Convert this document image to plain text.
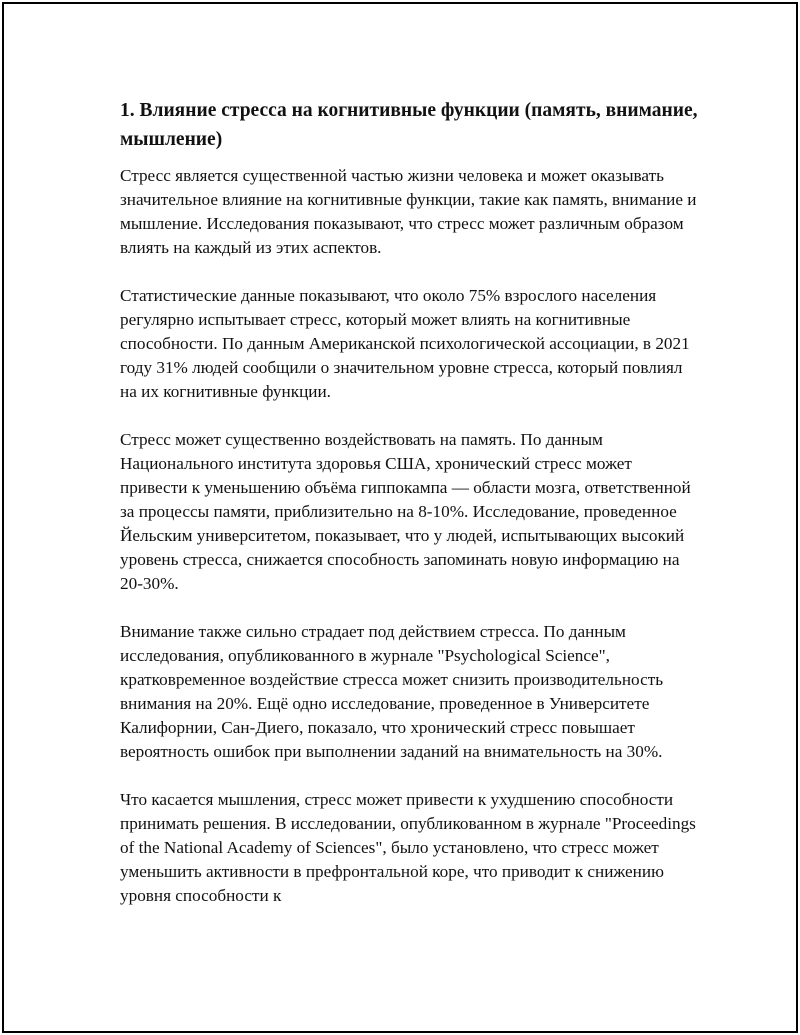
1. Влияние стресса на когнитивные функции (память, внимание, мышление)

Стресс является существенной частью жизни человека и может оказывать значительное влияние на когнитивные функции, такие как память, внимание и мышление. Исследования показывают, что стресс может различным образом влиять на каждый из этих аспектов.

Статистические данные показывают, что около 75% взрослого населения регулярно испытывает стресс, который может влиять на когнитивные способности. По данным Американской психологической ассоциации, в 2021 году 31% людей сообщили о значительном уровне стресса, который повлиял на их когнитивные функции.

Стресс может существенно воздействовать на память. По данным Национального института здоровья США, хронический стресс может привести к уменьшению объёма гиппокампа — области мозга, ответственной за процессы памяти, приблизительно на 8-10%. Исследование, проведенное Йельским университетом, показывает, что у людей, испытывающих высокий уровень стресса, снижается способность запоминать новую информацию на 20-30%.

Внимание также сильно страдает под действием стресса. По данным исследования, опубликованного в журнале "Psychological Science", кратковременное воздействие стресса может снизить производительность внимания на 20%. Ещё одно исследование, проведенное в Университете Калифорнии, Сан-Диего, показало, что хронический стресс повышает вероятность ошибок при выполнении заданий на внимательность на 30%.

Что касается мышления, стресс может привести к ухудшению способности принимать решения. В исследовании, опубликованном в журнале "Proceedings of the National Academy of Sciences", было установлено, что стресс может уменьшить активности в префронтальной коре, что приводит к снижению уровня способности к
